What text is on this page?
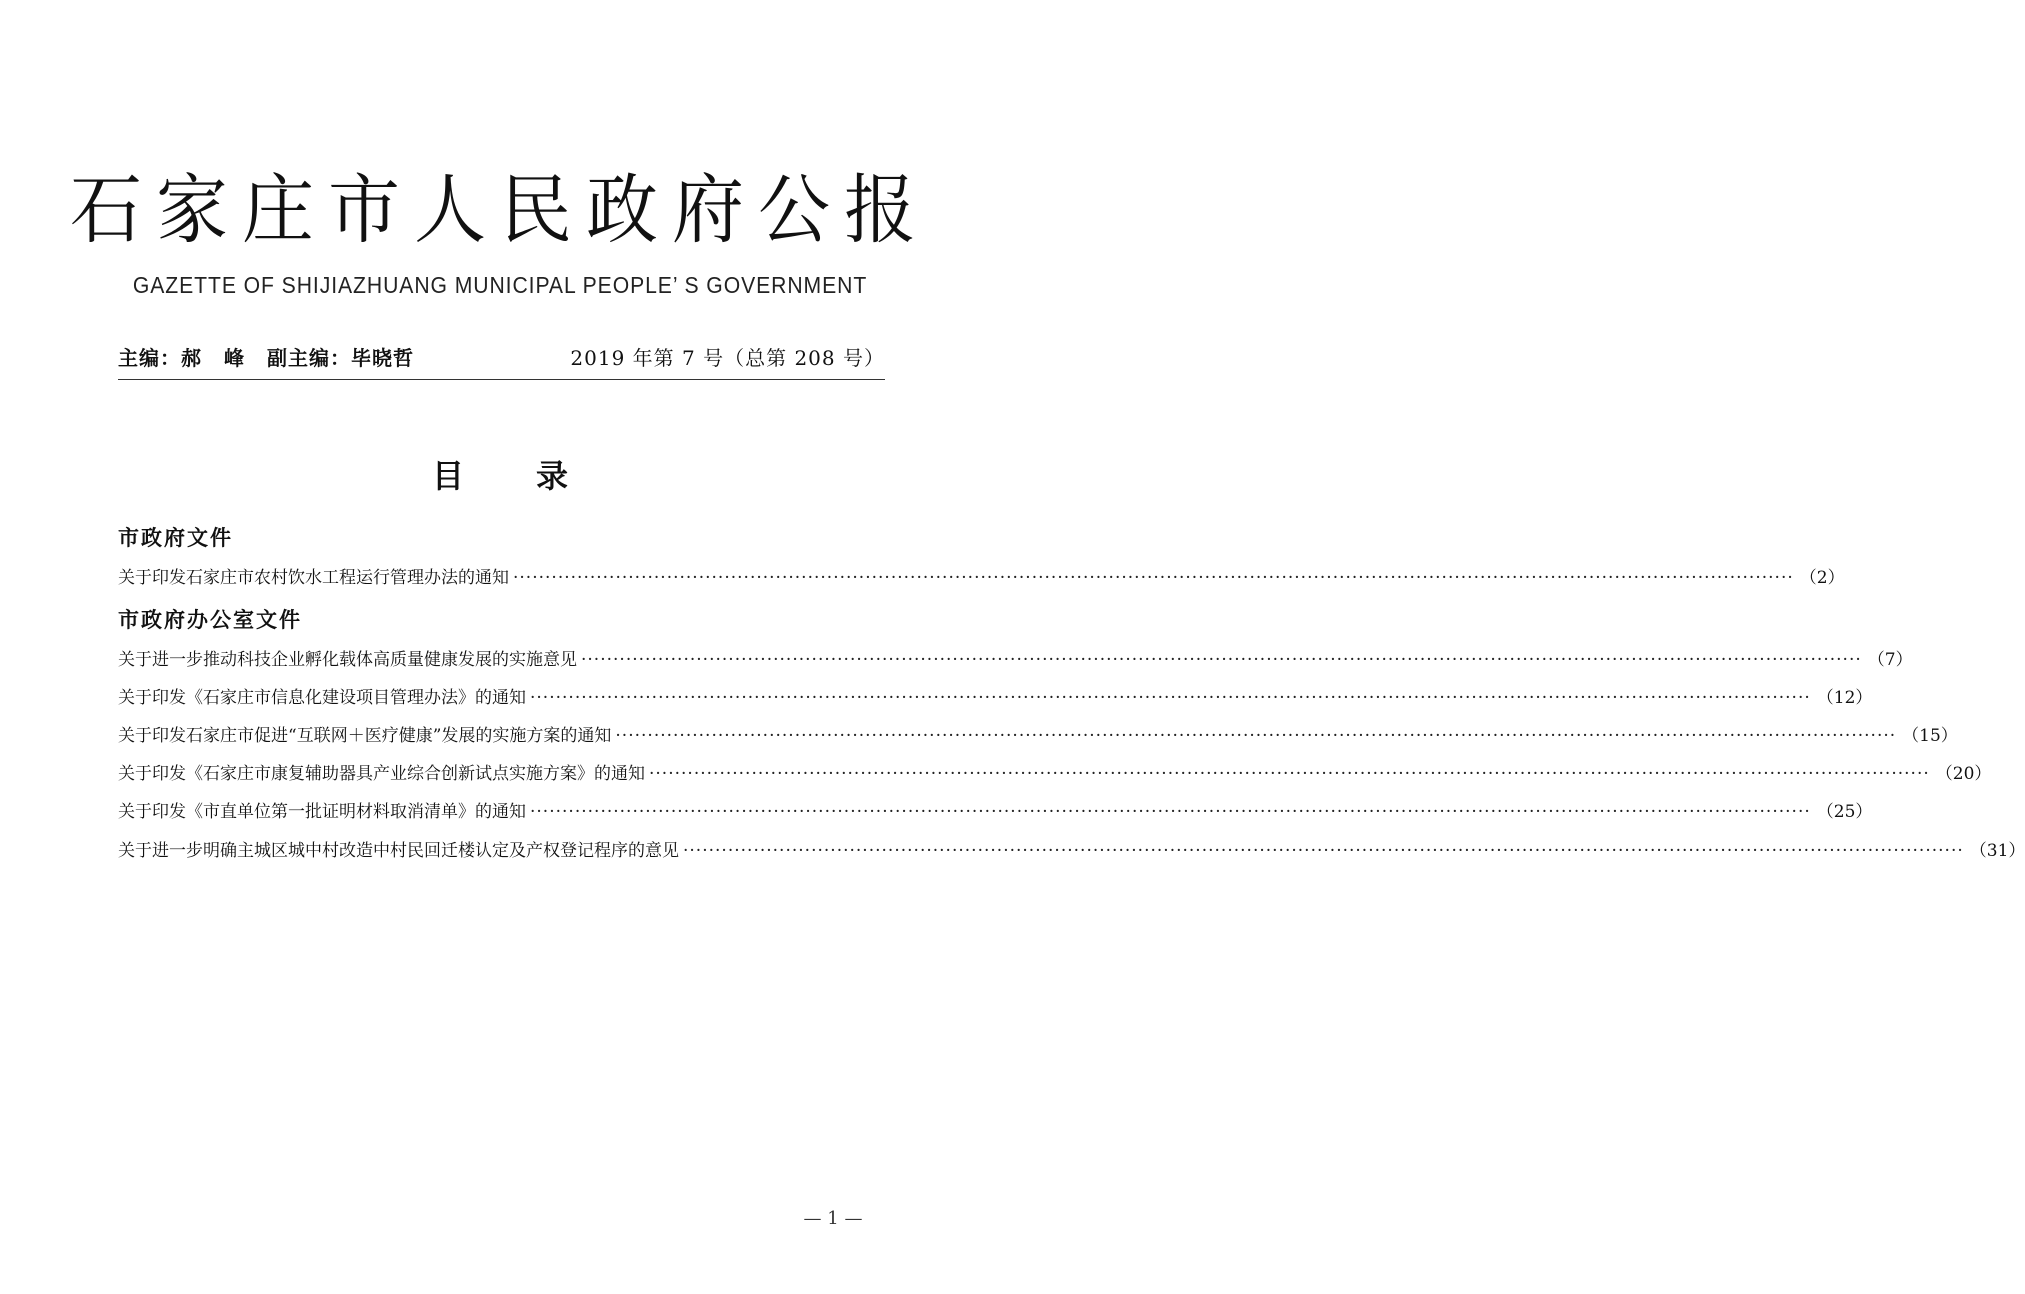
石家庄市人民政府公报
GAZETTE OF SHIJIAZHUANG MUNICIPAL PEOPLE’ S GOVERNMENT
主编：郝 峰 副主编：毕晓哲	2019 年第 7 号（总第 208 号）
目录
市政府文件
关于印发石家庄市农村饮水工程运行管理办法的通知 ········································································································································································································ （2）
市政府办公室文件
关于进一步推动科技企业孵化载体高质量健康发展的实施意见 ········································································································································································································ （7）
关于印发《石家庄市信息化建设项目管理办法》的通知 ········································································································································································································ （12）
关于印发石家庄市促进“互联网＋医疗健康”发展的实施方案的通知 ········································································································································································································ （15）
关于印发《石家庄市康复辅助器具产业综合创新试点实施方案》的通知 ········································································································································································································ （20）
关于印发《市直单位第一批证明材料取消清单》的通知 ········································································································································································································ （25）
关于进一步明确主城区城中村改造中村民回迁楼认定及产权登记程序的意见 ········································································································································································································ （31）
— 1 —
